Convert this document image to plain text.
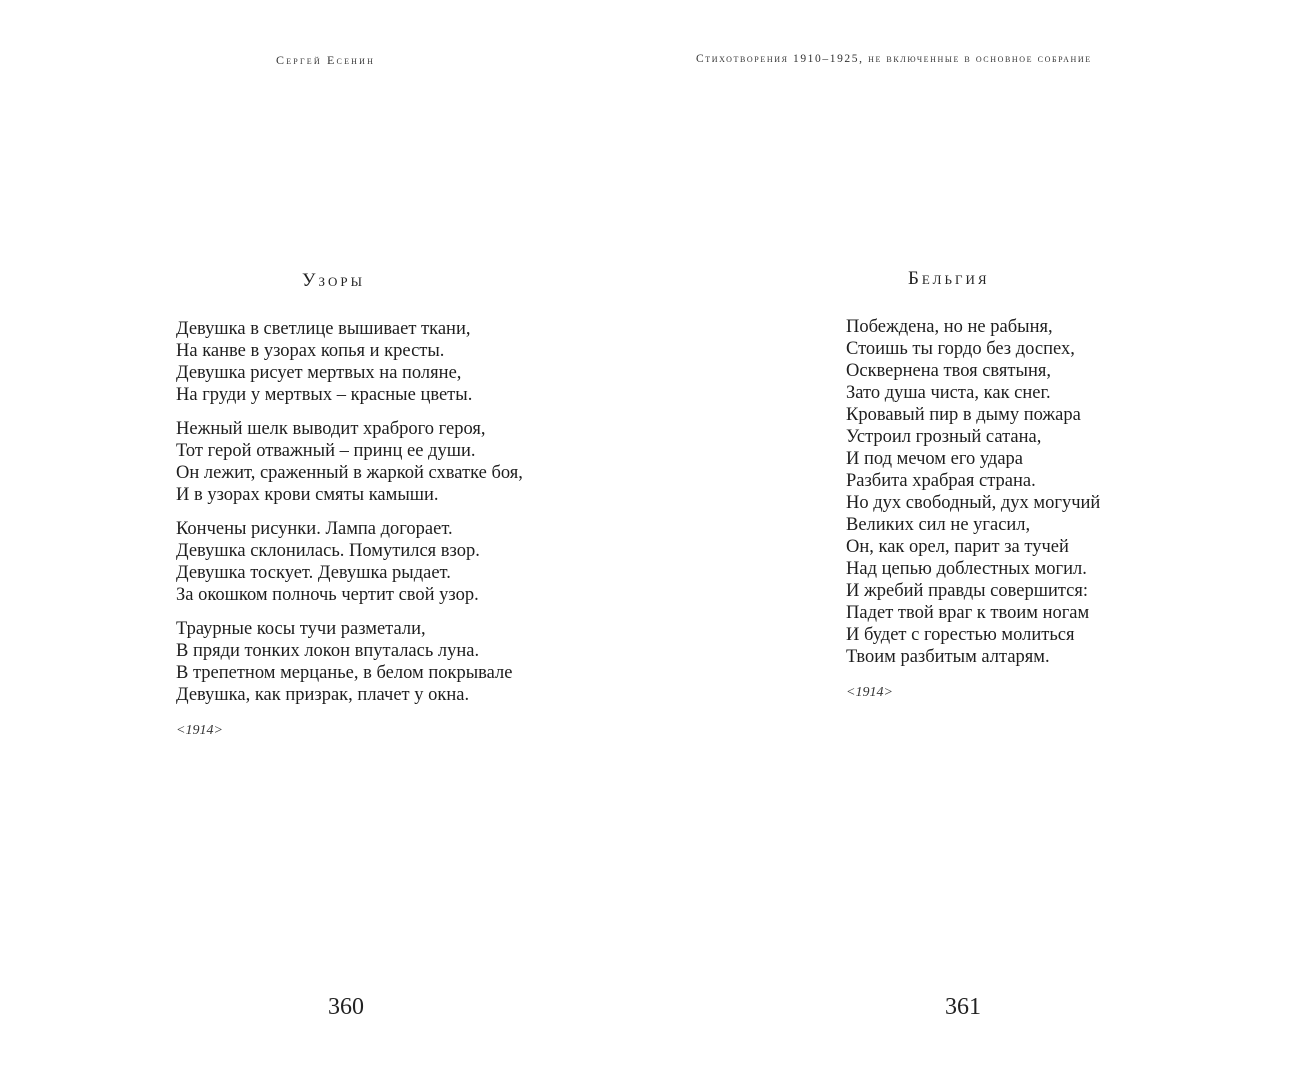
Сергей Есенин
Узоры
Девушка в светлице вышивает ткани,
На канве в узорах копья и кресты.
Девушка рисует мертвых на поляне,
На груди у мертвых – красные цветы.
Нежный шелк выводит храброго героя,
Тот герой отважный – принц ее души.
Он лежит, сраженный в жаркой схватке боя,
И в узорах крови смяты камыши.
Кончены рисунки. Лампа догорает.
Девушка склонилась. Помутился взор.
Девушка тоскует. Девушка рыдает.
За окошком полночь чертит свой узор.
Траурные косы тучи разметали,
В пряди тонких локон впуталась луна.
В трепетном мерцанье, в белом покрывале
Девушка, как призрак, плачет у окна.
<1914>
360
Стихотворения 1910–1925, не включенные в основное собрание
Бельгия
Побеждена, но не рабыня,
Стоишь ты гордо без доспех,
Осквернена твоя святыня,
Зато душа чиста, как снег.
Кровавый пир в дыму пожара
Устроил грозный сатана,
И под мечом его удара
Разбита храбрая страна.
Но дух свободный, дух могучий
Великих сил не угасил,
Он, как орел, парит за тучей
Над цепью доблестных могил.
И жребий правды совершится:
Падет твой враг к твоим ногам
И будет с горестью молиться
Твоим разбитым алтарям.
<1914>
361
